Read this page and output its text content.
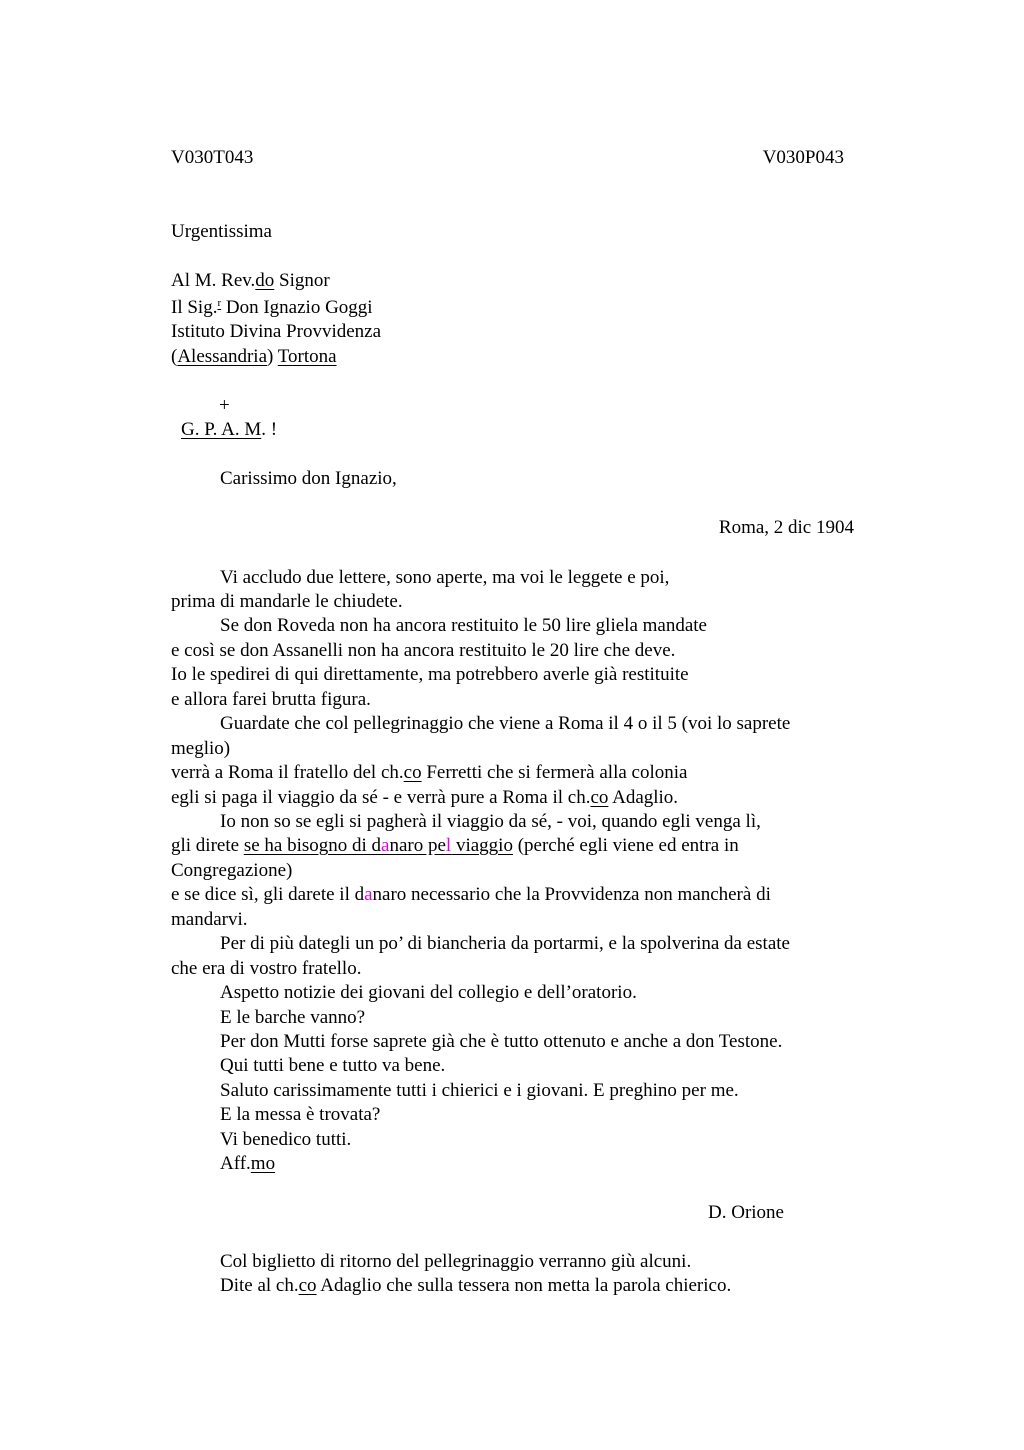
V030T043	V030P043
Urgentissima
Al M. Rev.do Signor
Il Sig.$^r$ Don Ignazio Goggi
Istituto Divina Provvidenza
(Alessandria) Tortona
+
G. P. A. M. !
Carissimo don Ignazio,
Roma, 2 dic 1904
Vi accludo due lettere, sono aperte, ma voi le leggete e poi,
prima di mandarle le chiudete.
Se don Roveda non ha ancora restituito le 50 lire gliela mandate
e così se don Assanelli non ha ancora restituito le 20 lire che deve.
Io le spedirei di qui direttamente, ma potrebbero averle già restituite
e allora farei brutta figura.
Guardate che col pellegrinaggio che viene a Roma il 4 o il 5 (voi lo saprete
meglio)
verrà a Roma il fratello del ch.co Ferretti che si fermerà alla colonia
egli si paga il viaggio da sé - e verrà pure a Roma il ch.co Adaglio.
Io non so se egli si pagherà il viaggio da sé, - voi, quando egli venga lì,
gli direte se ha bisogno di danaro pel viaggio (perché egli viene ed entra in
Congregazione)
e se dice sì, gli darete il danaro necessario che la Provvidenza non mancherà di
mandarvi.
Per di più dategli un po’ di biancheria da portarmi, e la spolverina da estate
che era di vostro fratello.
Aspetto notizie dei giovani del collegio e dell’oratorio.
E le barche vanno?
Per don Mutti forse saprete già che è tutto ottenuto e anche a don Testone.
Qui tutti bene e tutto va bene.
Saluto carissimamente tutti i chierici e i giovani. E preghino per me.
E la messa è trovata?
Vi benedico tutti.
Aff.mo
D. Orione
Col biglietto di ritorno del pellegrinaggio verranno giù alcuni.
Dite al ch.co Adaglio che sulla tessera non metta la parola chierico.
